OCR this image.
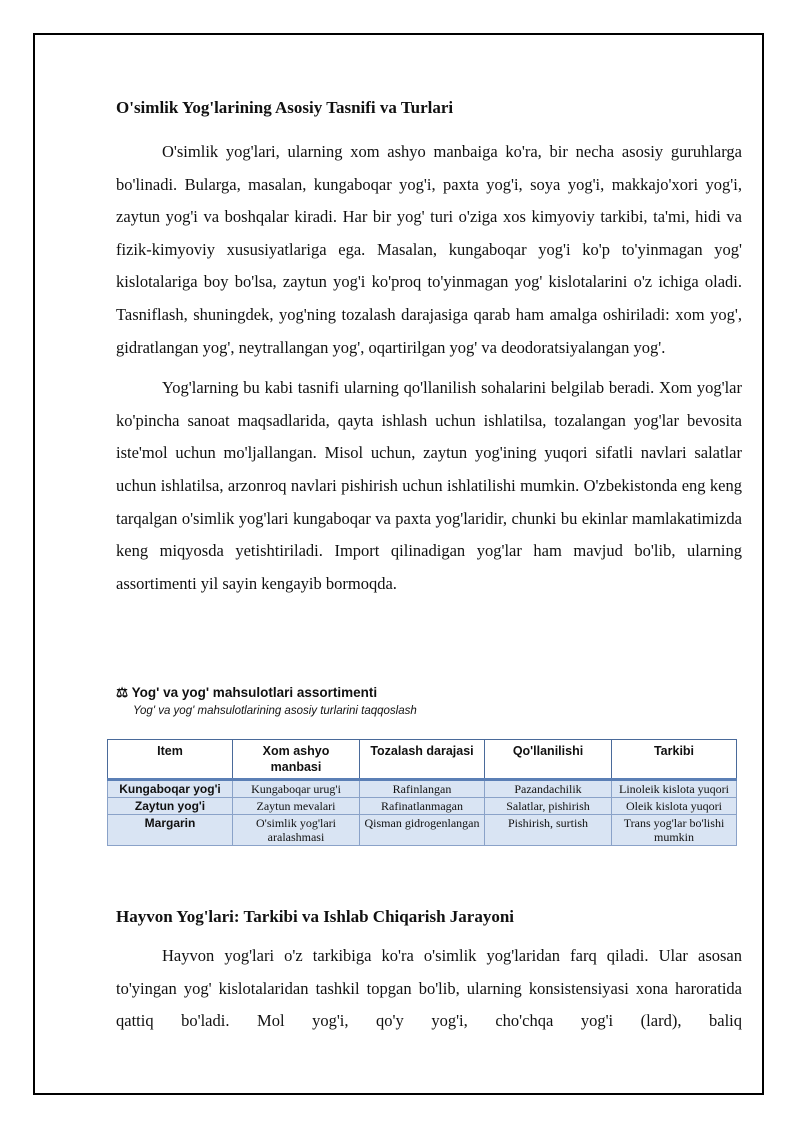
O'simlik Yog'larining Asosiy Tasnifi va Turlari

O'simlik yog'lari, ularning xom ashyo manbaiga ko'ra, bir necha asosiy guruhlarga bo'linadi. Bularga, masalan, kungaboqar yog'i, paxta yog'i, soya yog'i, makkajo'xori yog'i, zaytun yog'i va boshqalar kiradi. Har bir yog' turi o'ziga xos kimyoviy tarkibi, ta'mi, hidi va fizik-kimyoviy xususiyatlariga ega. Masalan, kungaboqar yog'i ko'p to'yinmagan yog' kislotalariga boy bo'lsa, zaytun yog'i ko'proq to'yinmagan yog' kislotalarini o'z ichiga oladi. Tasniflash, shuningdek, yog'ning tozalash darajasiga qarab ham amalga oshiriladi: xom yog', gidratlangan yog', neytrallangan yog', oqartirilgan yog' va deodoratsiyalangan yog'.

Yog'larning bu kabi tasnifi ularning qo'llanilish sohalarini belgilab beradi. Xom yog'lar ko'pincha sanoat maqsadlarida, qayta ishlash uchun ishlatilsa, tozalangan yog'lar bevosita iste'mol uchun mo'ljallangan. Misol uchun, zaytun yog'ining yuqori sifatli navlari salatlar uchun ishlatilsa, arzonroq navlari pishirish uchun ishlatilishi mumkin. O'zbekistonda eng keng tarqalgan o'simlik yog'lari kungaboqar va paxta yog'laridir, chunki bu ekinlar mamlakatimizda keng miqyosda yetishtiriladi. Import qilinadigan yog'lar ham mavjud bo'lib, ularning assortimenti yil sayin kengayib bormoqda.

⚖ Yog' va yog' mahsulotlari assortimenti

Yog' va yog' mahsulotlarining asosiy turlarini taqqoslash

Item	Xom ashyo manbasi	Tozalash darajasi	Qo'llanilishi	Tarkibi
Kungaboqar yog'i	Kungaboqar urug'i	Rafinlangan	Pazandachilik	Linoleik kislota yuqori
Zaytun yog'i	Zaytun mevalari	Rafinatlanmagan	Salatlar, pishirish	Oleik kislota yuqori
Margarin	O'simlik yog'lari aralashmasi	Qisman gidrogenlangan	Pishirish, surtish	Trans yog'lar bo'lishi mumkin

Hayvon Yog'lari: Tarkibi va Ishlab Chiqarish Jarayoni

Hayvon yog'lari o'z tarkibiga ko'ra o'simlik yog'laridan farq qiladi. Ular asosan to'yingan yog' kislotalaridan tashkil topgan bo'lib, ularning konsistensiyasi xona haroratida qattiq bo'ladi. Mol yog'i, qo'y yog'i, cho'chqa yog'i (lard), baliq
